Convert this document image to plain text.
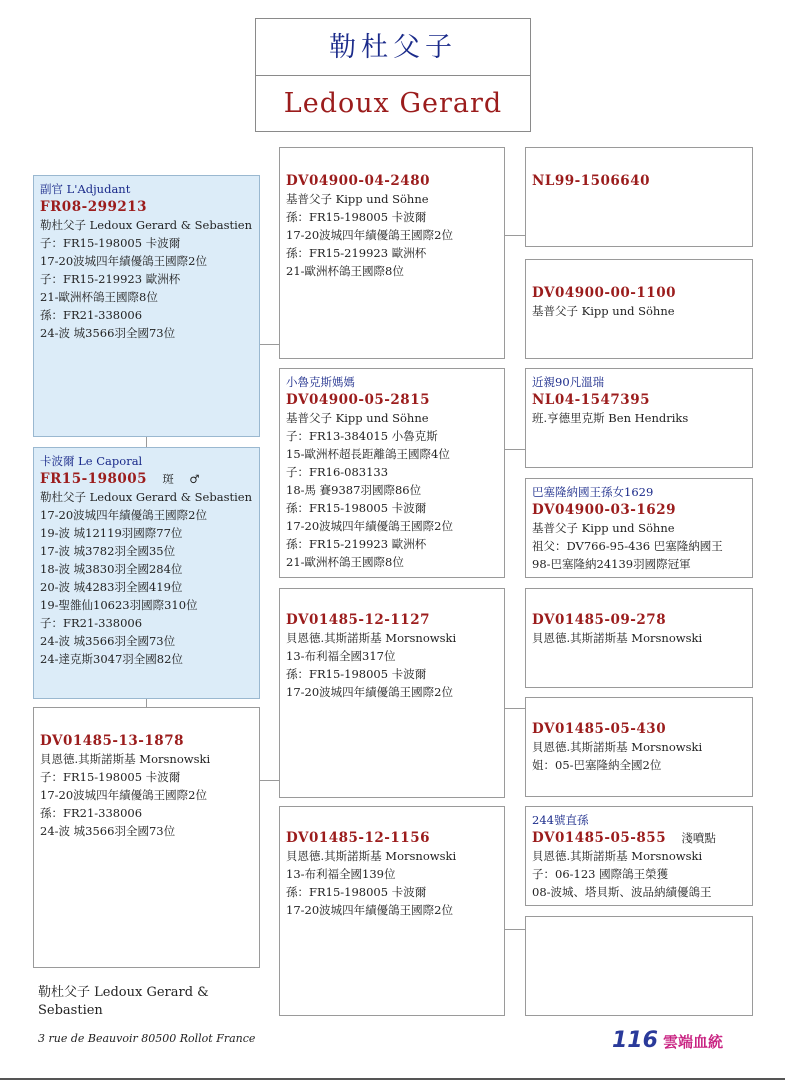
勒杜父子
Ledoux Gerard
副官 L'Adjudant
FR08-299213
勒杜父子 Ledoux Gerard & Sebastien
子：FR15-198005 卡波爾
17-20波城四年績優鴿王國際2位
子：FR15-219923 歐洲杯
21-歐洲杯鴿王國際8位
孫：FR21-338006
24-波 城3566羽全國73位
卡波爾 Le Caporal
FR15-198005 斑 ♂
勒杜父子 Ledoux Gerard & Sebastien
17-20波城四年績優鴿王國際2位
19-波 城12119羽國際77位
17-波 城3782羽全國35位
18-波 城3830羽全國284位
20-波 城4283羽全國419位
19-聖雒仙10623羽國際310位
子：FR21-338006
24-波 城3566羽全國73位
24-達克斯3047羽全國82位
DV01485-13-1878
貝恩德.其斯諾斯基 Morsnowski
子：FR15-198005 卡波爾
17-20波城四年績優鴿王國際2位
孫：FR21-338006
24-波 城3566羽全國73位
DV04900-04-2480
基普父子 Kipp und Söhne
孫：FR15-198005 卡波爾
17-20波城四年績優鴿王國際2位
孫：FR15-219923 歐洲杯
21-歐洲杯鴿王國際8位
小魯克斯媽媽
DV04900-05-2815
基普父子 Kipp und Söhne
子：FR13-384015 小魯克斯
15-歐洲杯超長距離鴿王國際4位
子：FR16-083133
18-馬 賽9387羽國際86位
孫：FR15-198005 卡波爾
17-20波城四年績優鴿王國際2位
孫：FR15-219923 歐洲杯
21-歐洲杯鴿王國際8位
DV01485-12-1127
貝恩德.其斯諾斯基 Morsnowski
13-布利福全國317位
孫：FR15-198005 卡波爾
17-20波城四年績優鴿王國際2位
DV01485-12-1156
貝恩德.其斯諾斯基 Morsnowski
13-布利福全國139位
孫：FR15-198005 卡波爾
17-20波城四年績優鴿王國際2位
NL99-1506640
DV04900-00-1100
基普父子 Kipp und Söhne
近親90凡溫瑞
NL04-1547395
班.亨德里克斯 Ben Hendriks
巴塞隆納國王孫女1629
DV04900-03-1629
基普父子 Kipp und Söhne
祖父：DV766-95-436 巴塞隆納國王
98-巴塞隆納24139羽國際冠軍
DV01485-09-278
貝恩德.其斯諾斯基 Morsnowski
DV01485-05-430
貝恩德.其斯諾斯基 Morsnowski
姐：05-巴塞隆納全國2位
244號直孫
DV01485-05-855 淺噴點
貝恩德.其斯諾斯基 Morsnowski
子：06-123 國際鴿王榮獲
08-波城、塔貝斯、波品納績優鴿王
勒杜父子 Ledoux Gerard & Sebastien
3 rue de Beauvoir 80500 Rollot France	116 雲端血統
